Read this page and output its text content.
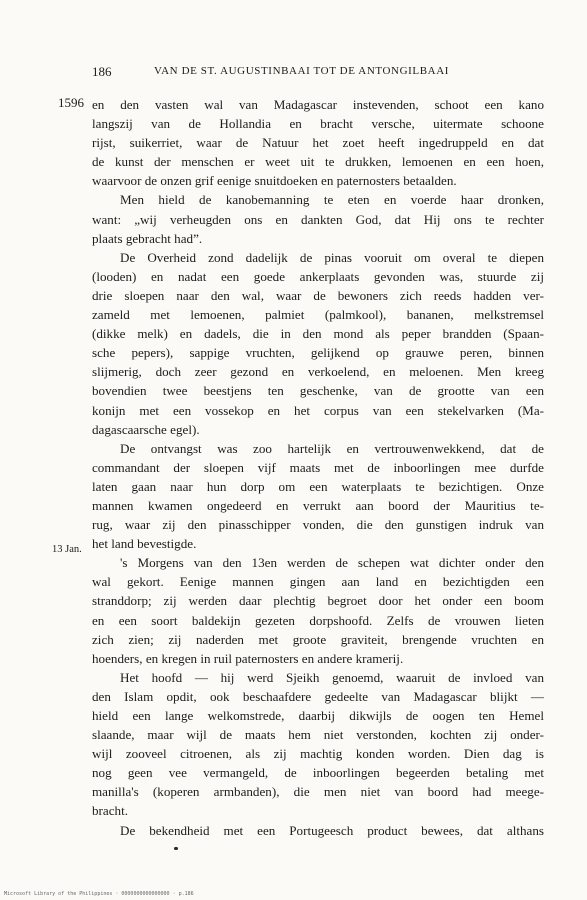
186	VAN DE ST. AUGUSTINBAAI TOT DE ANTONGILBAAI
1596
13 Jan.
en den vasten wal van Madagascar instevenden, schoot een kano
langszij van de Hollandia en bracht versche, uitermate schoone
rijst, suikerriet, waar de Natuur het zoet heeft ingedruppeld en dat
de kunst der menschen er weet uit te drukken, lemoenen en een hoen,
waarvoor de onzen grif eenige snuitdoeken en paternosters betaalden.
Men hield de kanobemanning te eten en voerde haar dronken,
want: „wij verheugden ons en dankten God, dat Hij ons te rechter
plaats gebracht had”.
De Overheid zond dadelijk de pinas vooruit om overal te diepen
(looden) en nadat een goede ankerplaats gevonden was, stuurde zij
drie sloepen naar den wal, waar de bewoners zich reeds hadden ver-
zameld met lemoenen, palmiet (palmkool), bananen, melkstremsel
(dikke melk) en dadels, die in den mond als peper brandden (Spaan-
sche pepers), sappige vruchten, gelijkend op grauwe peren, binnen
slijmerig, doch zeer gezond en verkoelend, en meloenen. Men kreeg
bovendien twee beestjens ten geschenke, van de grootte van een
konijn met een vossekop en het corpus van een stekelvarken (Ma-
dagascaarsche egel).
De ontvangst was zoo hartelijk en vertrouwenwekkend, dat de
commandant der sloepen vijf maats met de inboorlingen mee durfde
laten gaan naar hun dorp om een waterplaats te bezichtigen. Onze
mannen kwamen ongedeerd en verrukt aan boord der Mauritius te-
rug, waar zij den pinasschipper vonden, die den gunstigen indruk van
het land bevestigde.
's Morgens van den 13en werden de schepen wat dichter onder den
wal gekort. Eenige mannen gingen aan land en bezichtigden een
stranddorp; zij werden daar plechtig begroet door het onder een boom
en een soort baldekijn gezeten dorpshoofd. Zelfs de vrouwen lieten
zich zien; zij naderden met groote graviteit, brengende vruchten en
hoenders, en kregen in ruil paternosters en andere kramerij.
Het hoofd — hij werd Sjeikh genoemd, waaruit de invloed van
den Islam opdit, ook beschaafdere gedeelte van Madagascar blijkt —
hield een lange welkomstrede, daarbij dikwijls de oogen ten Hemel
slaande, maar wijl de maats hem niet verstonden, kochten zij onder-
wijl zooveel citroenen, als zij machtig konden worden. Dien dag is
nog geen vee vermangeld, de inboorlingen begeerden betaling met
manilla's (koperen armbanden), die men niet van boord had meege-
bracht.
De bekendheid met een Portugeesch product bewees, dat althans
Microsoft Library of the Philippines · 0000000000000000 · p.186
